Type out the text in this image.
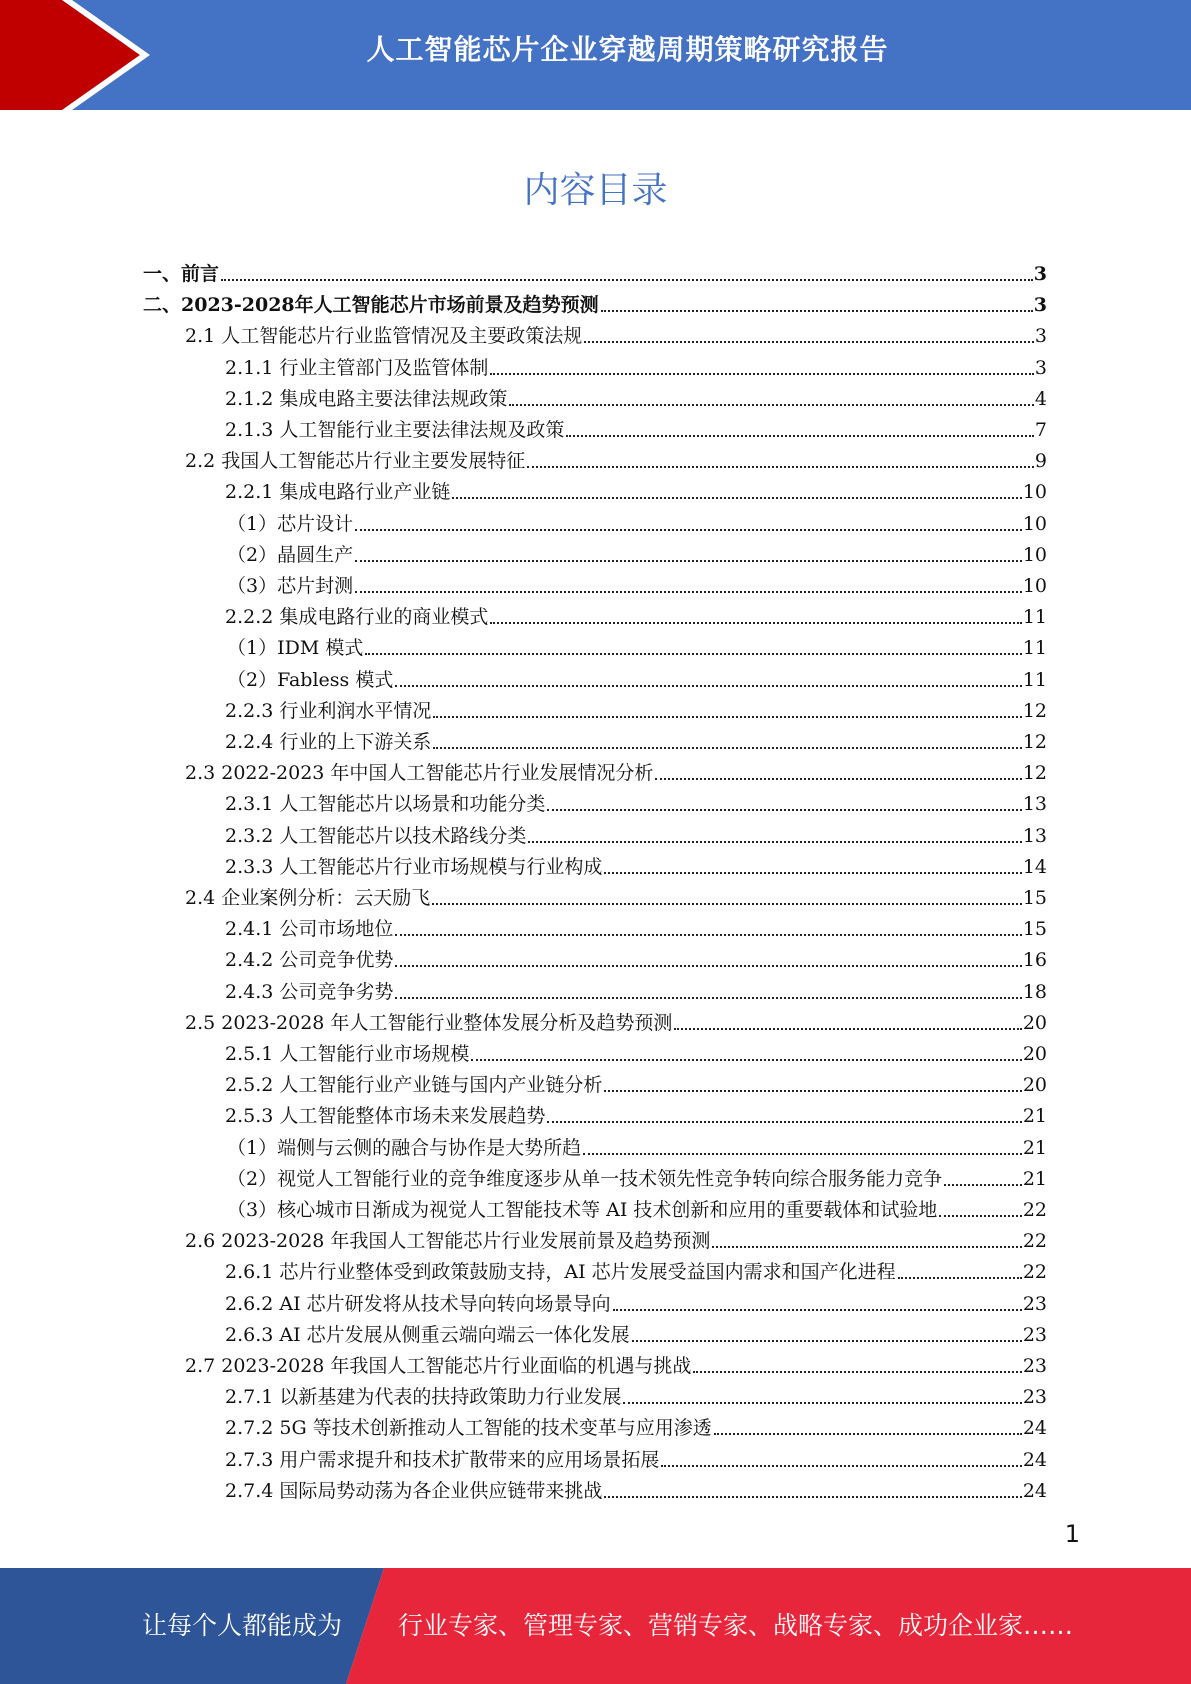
人工智能芯片企业穿越周期策略研究报告
内容目录
一、前言	3
二、2023-2028年人工智能芯片市场前景及趋势预测	3
2.1 人工智能芯片行业监管情况及主要政策法规	3
2.1.1 行业主管部门及监管体制	3
2.1.2 集成电路主要法律法规政策	4
2.1.3 人工智能行业主要法律法规及政策	7
2.2 我国人工智能芯片行业主要发展特征	9
2.2.1 集成电路行业产业链	10
（1）芯片设计	10
（2）晶圆生产	10
（3）芯片封测	10
2.2.2 集成电路行业的商业模式	11
（1）IDM 模式	11
（2）Fabless 模式	11
2.2.3 行业利润水平情况	12
2.2.4 行业的上下游关系	12
2.3 2022-2023 年中国人工智能芯片行业发展情况分析	12
2.3.1 人工智能芯片以场景和功能分类	13
2.3.2 人工智能芯片以技术路线分类	13
2.3.3 人工智能芯片行业市场规模与行业构成	14
2.4 企业案例分析：云天励飞	15
2.4.1 公司市场地位	15
2.4.2 公司竞争优势	16
2.4.3 公司竞争劣势	18
2.5 2023-2028 年人工智能行业整体发展分析及趋势预测	20
2.5.1 人工智能行业市场规模	20
2.5.2 人工智能行业产业链与国内产业链分析	20
2.5.3 人工智能整体市场未来发展趋势	21
（1）端侧与云侧的融合与协作是大势所趋	21
（2）视觉人工智能行业的竞争维度逐步从单一技术领先性竞争转向综合服务能力竞争	21
（3）核心城市日渐成为视觉人工智能技术等 AI 技术创新和应用的重要载体和试验地	22
2.6 2023-2028 年我国人工智能芯片行业发展前景及趋势预测	22
2.6.1 芯片行业整体受到政策鼓励支持，AI 芯片发展受益国内需求和国产化进程	22
2.6.2 AI 芯片研发将从技术导向转向场景导向	23
2.6.3 AI 芯片发展从侧重云端向端云一体化发展	23
2.7 2023-2028 年我国人工智能芯片行业面临的机遇与挑战	23
2.7.1 以新基建为代表的扶持政策助力行业发展	23
2.7.2 5G 等技术创新推动人工智能的技术变革与应用渗透	24
2.7.3 用户需求提升和技术扩散带来的应用场景拓展	24
2.7.4 国际局势动荡为各企业供应链带来挑战	24
1
让每个人都能成为 行业专家、管理专家、营销专家、战略专家、成功企业家……
